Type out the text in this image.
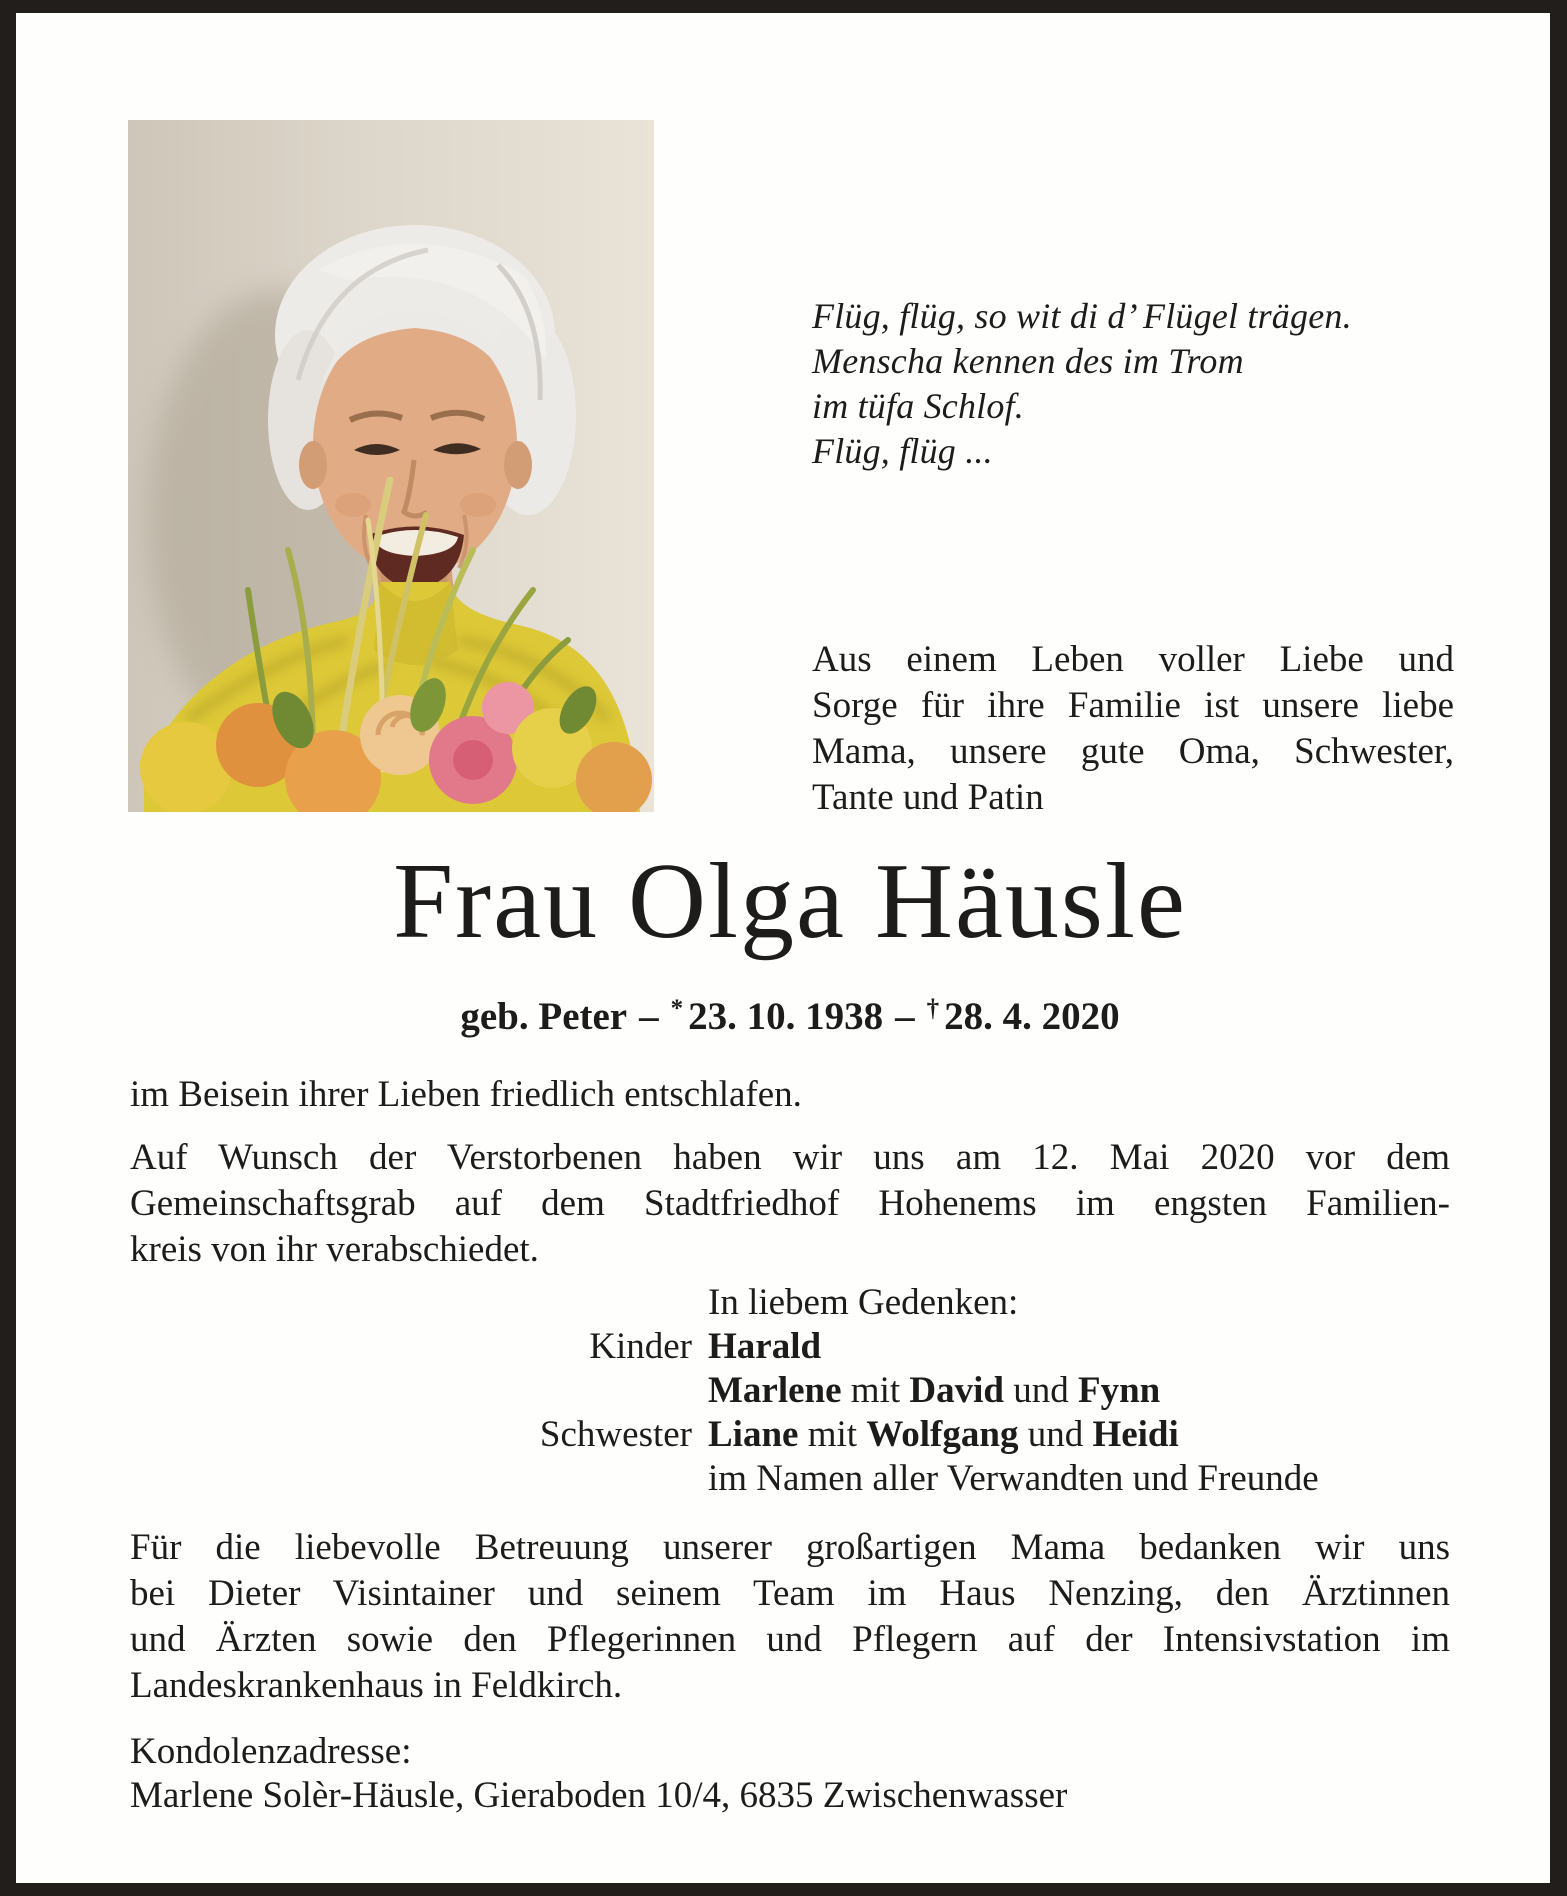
Flüg, flüg, so wit di d’ Flügel trägen.
Menscha kennen des im Trom
im tüfa Schlof.
Flüg, flüg ...
Aus einem Leben voller Liebe und
Sorge für ihre Familie ist unsere liebe
Mama, unsere gute Oma, Schwester,
Tante und Patin
Frau Olga Häusle
geb. Peter – * 23. 10. 1938 – † 28. 4. 2020
im Beisein ihrer Lieben friedlich entschlafen.
Auf Wunsch der Verstorbenen haben wir uns am 12. Mai 2020 vor dem
Gemeinschaftsgrab auf dem Stadtfriedhof Hohenems im engsten Familien-
kreis von ihr verabschiedet.
In liebem Gedenken:
Kinder Harald
Marlene mit David und Fynn
Schwester Liane mit Wolfgang und Heidi
im Namen aller Verwandten und Freunde
Für die liebevolle Betreuung unserer großartigen Mama bedanken wir uns
bei Dieter Visintainer und seinem Team im Haus Nenzing, den Ärztinnen
und Ärzten sowie den Pflegerinnen und Pflegern auf der Intensivstation im
Landeskrankenhaus in Feldkirch.
Kondolenzadresse:
Marlene Solèr-Häusle, Gieraboden 10/4, 6835 Zwischenwasser
